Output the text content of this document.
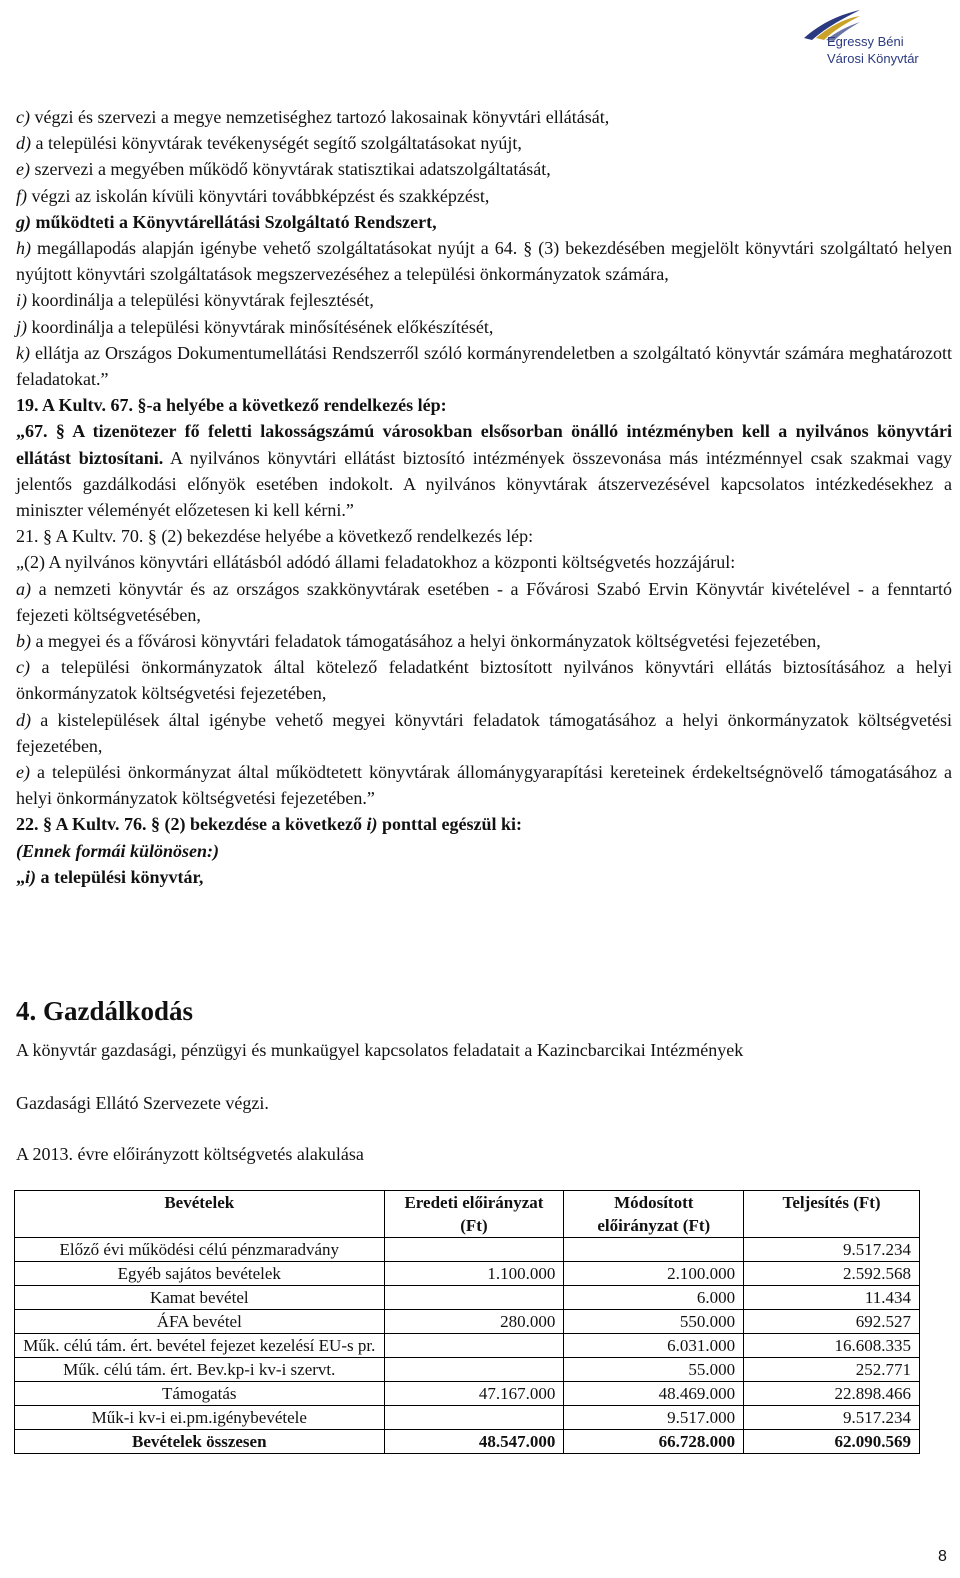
Egressy Béni
Városi Könyvtár
c) végzi és szervezi a megye nemzetiséghez tartozó lakosainak könyvtári ellátását,
d) a települési könyvtárak tevékenységét segítő szolgáltatásokat nyújt,
e) szervezi a megyében működő könyvtárak statisztikai adatszolgáltatását,
f) végzi az iskolán kívüli könyvtári továbbképzést és szakképzést,
g) működteti a Könyvtárellátási Szolgáltató Rendszert,
h) megállapodás alapján igénybe vehető szolgáltatásokat nyújt a 64. § (3) bekezdésében megjelölt könyvtári szolgáltató helyen nyújtott könyvtári szolgáltatások megszervezéséhez a települési önkormányzatok számára,
i) koordinálja a települési könyvtárak fejlesztését,
j) koordinálja a települési könyvtárak minősítésének előkészítését,
k) ellátja az Országos Dokumentumellátási Rendszerről szóló kormányrendeletben a szolgáltató könyvtár számára meghatározott feladatokat.”
19. A Kultv. 67. §-a helyébe a következő rendelkezés lép:
„67. § A tizenötezer fő feletti lakosságszámú városokban elsősorban önálló intézményben kell a nyilvános könyvtári ellátást biztosítani. A nyilvános könyvtári ellátást biztosító intézmények összevonása más intézménnyel csak szakmai vagy jelentős gazdálkodási előnyök esetében indokolt. A nyilvános könyvtárak átszervezésével kapcsolatos intézkedésekhez a miniszter véleményét előzetesen ki kell kérni.”
21. § A Kultv. 70. § (2) bekezdése helyébe a következő rendelkezés lép:
„(2) A nyilvános könyvtári ellátásból adódó állami feladatokhoz a központi költségvetés hozzájárul:
a) a nemzeti könyvtár és az országos szakkönyvtárak esetében - a Fővárosi Szabó Ervin Könyvtár kivételével - a fenntartó fejezeti költségvetésében,
b) a megyei és a fővárosi könyvtári feladatok támogatásához a helyi önkormányzatok költségvetési fejezetében,
c) a települési önkormányzatok által kötelező feladatként biztosított nyilvános könyvtári ellátás biztosításához a helyi önkormányzatok költségvetési fejezetében,
d) a kistelepülések által igénybe vehető megyei könyvtári feladatok támogatásához a helyi önkormányzatok költségvetési fejezetében,
e) a települési önkormányzat által működtetett könyvtárak állománygyarapítási kereteinek érdekeltségnövelő támogatásához a helyi önkormányzatok költségvetési fejezetében.”
22. § A Kultv. 76. § (2) bekezdése a következő i) ponttal egészül ki:
(Ennek formái különösen:)
„i) a települési könyvtár,
4. Gazdálkodás

A könyvtár gazdasági, pénzügyi és munkaügyel kapcsolatos feladatait a Kazincbarcikai Intézmények

Gazdasági Ellátó Szervezete végzi.

A 2013. évre előirányzott költségvetés alakulása

Bevételek	Eredeti előirányzat (Ft)	Módosított előirányzat (Ft)	Teljesítés (Ft)
Előző évi működési célú pénzmaradvány			9.517.234
Egyéb sajátos bevételek	1.100.000	2.100.000	2.592.568
Kamat bevétel		6.000	11.434
ÁFA bevétel	280.000	550.000	692.527
Műk. célú tám. ért. bevétel fejezet kezelésí EU-s pr.		6.031.000	16.608.335
Műk. célú tám. ért. Bev.kp-i kv-i szervt.		55.000	252.771
Támogatás	47.167.000	48.469.000	22.898.466
Műk-i kv-i ei.pm.igénybevétele		9.517.000	9.517.234
Bevételek összesen	48.547.000	66.728.000	62.090.569
8
